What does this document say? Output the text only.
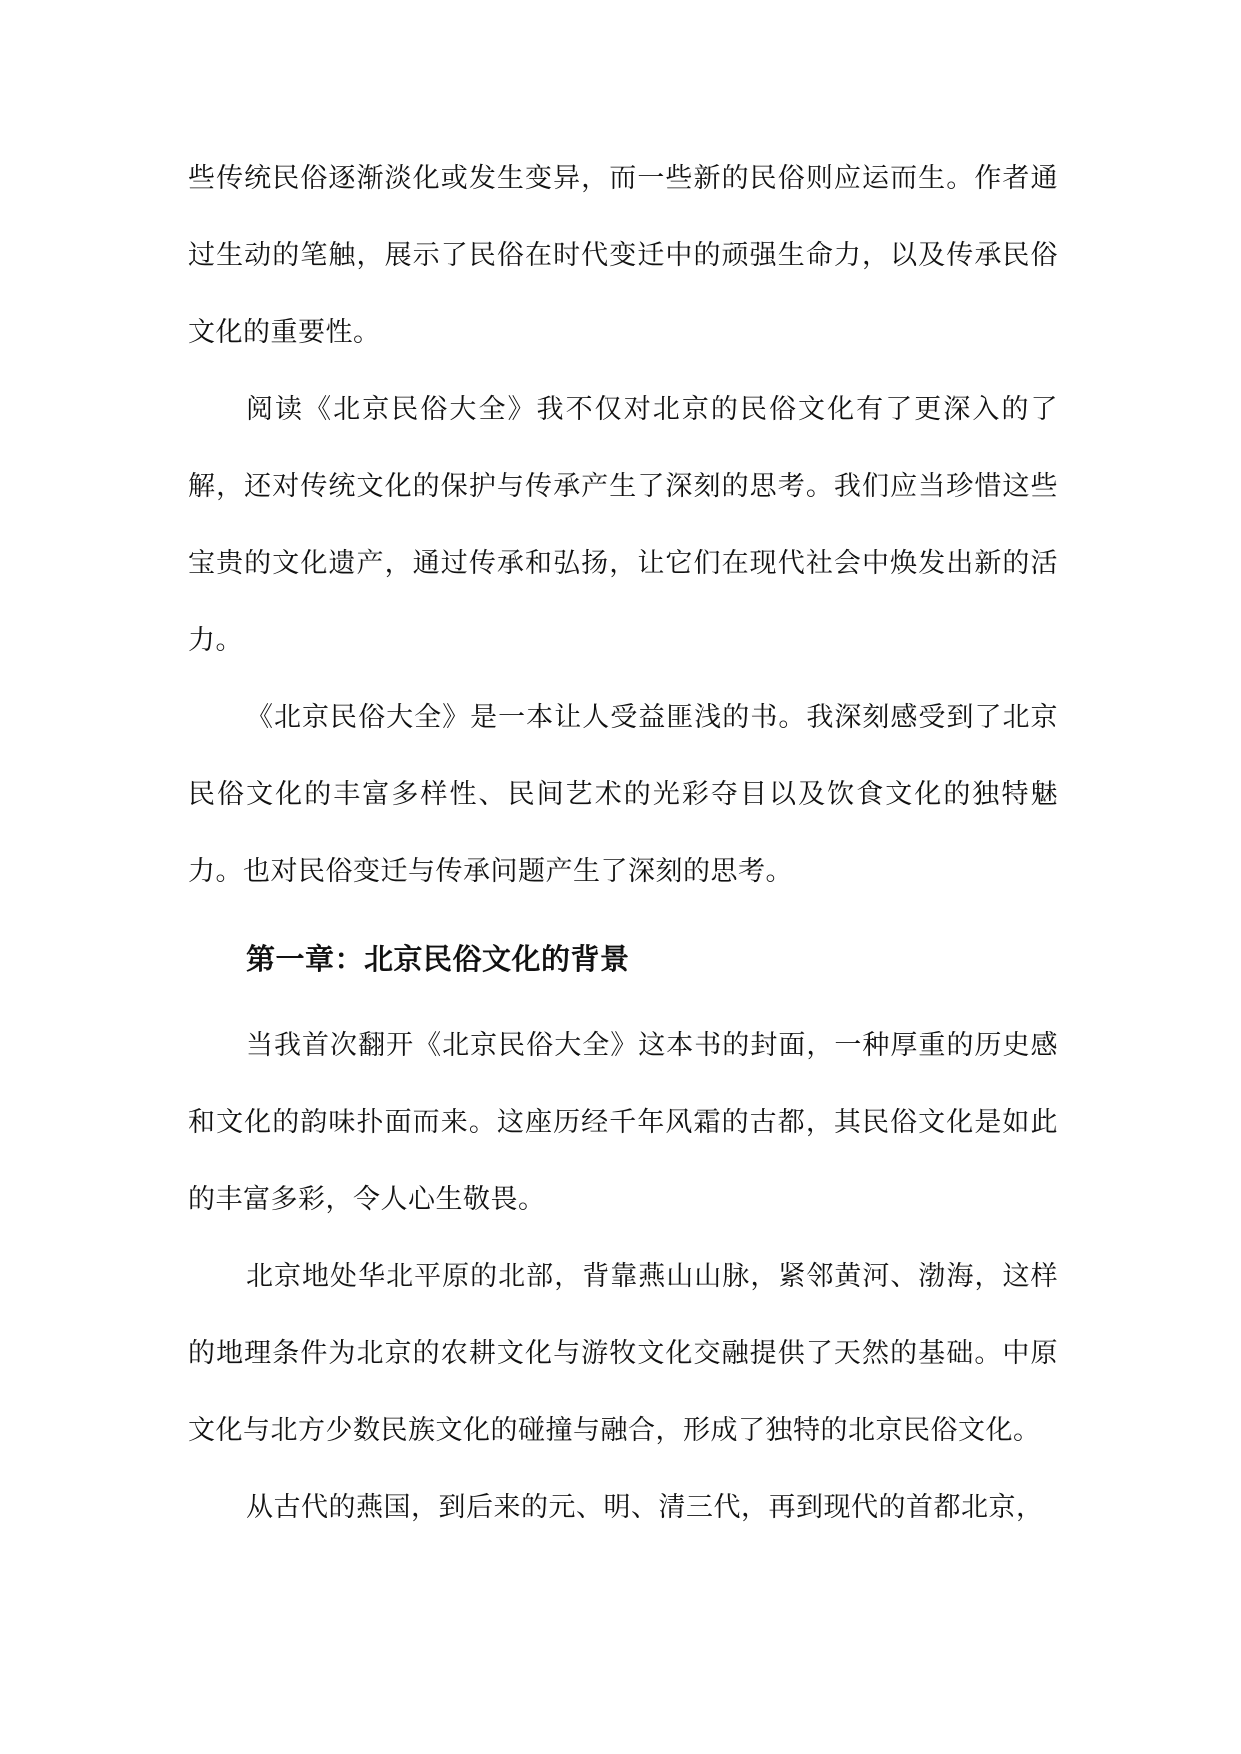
些传统民俗逐渐淡化或发生变异，而一些新的民俗则应运而生。作者通过生动的笔触，展示了民俗在时代变迁中的顽强生命力，以及传承民俗文化的重要性。

阅读《北京民俗大全》我不仅对北京的民俗文化有了更深入的了解，还对传统文化的保护与传承产生了深刻的思考。我们应当珍惜这些宝贵的文化遗产，通过传承和弘扬，让它们在现代社会中焕发出新的活力。

《北京民俗大全》是一本让人受益匪浅的书。我深刻感受到了北京民俗文化的丰富多样性、民间艺术的光彩夺目以及饮食文化的独特魅力。也对民俗变迁与传承问题产生了深刻的思考。

第一章：北京民俗文化的背景

当我首次翻开《北京民俗大全》这本书的封面，一种厚重的历史感和文化的韵味扑面而来。这座历经千年风霜的古都，其民俗文化是如此的丰富多彩，令人心生敬畏。

北京地处华北平原的北部，背靠燕山山脉，紧邻黄河、渤海，这样的地理条件为北京的农耕文化与游牧文化交融提供了天然的基础。中原文化与北方少数民族文化的碰撞与融合，形成了独特的北京民俗文化。

从古代的燕国，到后来的元、明、清三代，再到现代的首都北京，
